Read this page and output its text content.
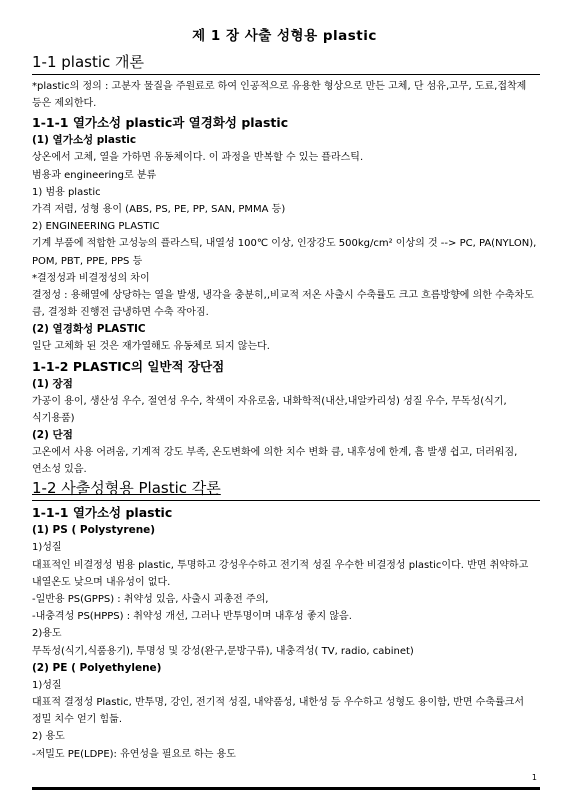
제 1 장 사출 성형용 plastic
1-1 plastic 개론
*plastic의 정의 : 고분자 물질을 주원료로 하여 인공적으로 유용한 형상으로 만든 고체, 단 섬유,고무, 도료,접착제 등은 제외한다.
1-1-1 열가소성 plastic과 열경화성 plastic
(1) 열가소성 plastic
상온에서 고체, 열을 가하면 유동체이다. 이 과정을 반복할 수 있는 플라스틱.
범용과 engineering로 분류
1) 범용 plastic
가격 저렴, 성형 용이 (ABS, PS, PE, PP, SAN, PMMA 등)
2) ENGINEERING PLASTIC
기계 부품에 적합한 고성능의 플라스틱, 내열성 100℃ 이상, 인장강도 500kg/cm² 이상의 것 --> PC, PA(NYLON), POM, PBT, PPE, PPS 등
*결정성과 비결정성의 차이
결정성 : 용해열에 상당하는 열을 발생, 냉각을 충분히,,비교적 저온 사출시 수축률도 크고 흐름방향에 의한 수축차도 큼, 결정화 진행전 급냉하면 수축 작아짐.
(2) 열경화성 PLASTIC
일단 고체화 된 것은 재가열해도 유동체로 되지 않는다.
1-1-2 PLASTIC의 일반적 장단점
(1) 장점
가공이 용이, 생산성 우수, 절연성 우수, 착색이 자유로움, 내화학적(내산,내알카리성) 성질 우수, 무독성(식기,식기용품)
(2) 단점
고온에서 사용 어려움, 기계적 강도 부족, 온도변화에 의한 치수 변화 큼, 내후성에 한계, 흠 발생 쉽고, 더러워짐, 연소성 있음.
1-2 사출성형용 Plastic 각론
1-1-1 열가소성 plastic
(1) PS ( Polystyrene)
1)성질
대표적인 비결정성 범용 plastic, 투명하고 강성우수하고 전기적 성질 우수한 비결정성 plastic이다. 반면 취약하고 내열온도 낮으며 내유성이 없다.
-일반용 PS(GPPS) : 취약성 있음, 사출시 괴총전 주의,
-내충격성 PS(HPPS) : 취약성 개선, 그러나 반투명이며 내후성 좋지 않음.
2)용도
무독성(식기,식품용기), 투명성 및 강성(완구,문방구류), 내충격성( TV, radio, cabinet)
(2) PE ( Polyethylene)
1)성질
대표적 결정성 Plastic, 반투명, 강인, 전기적 성질, 내약품성, 내한성 등 우수하고 성형도 용이함, 반면 수축률크서 정밀 치수 얻기 힘듦.
2) 용도
-저밀도 PE(LDPE): 유연성을 필요로 하는 용도
1
